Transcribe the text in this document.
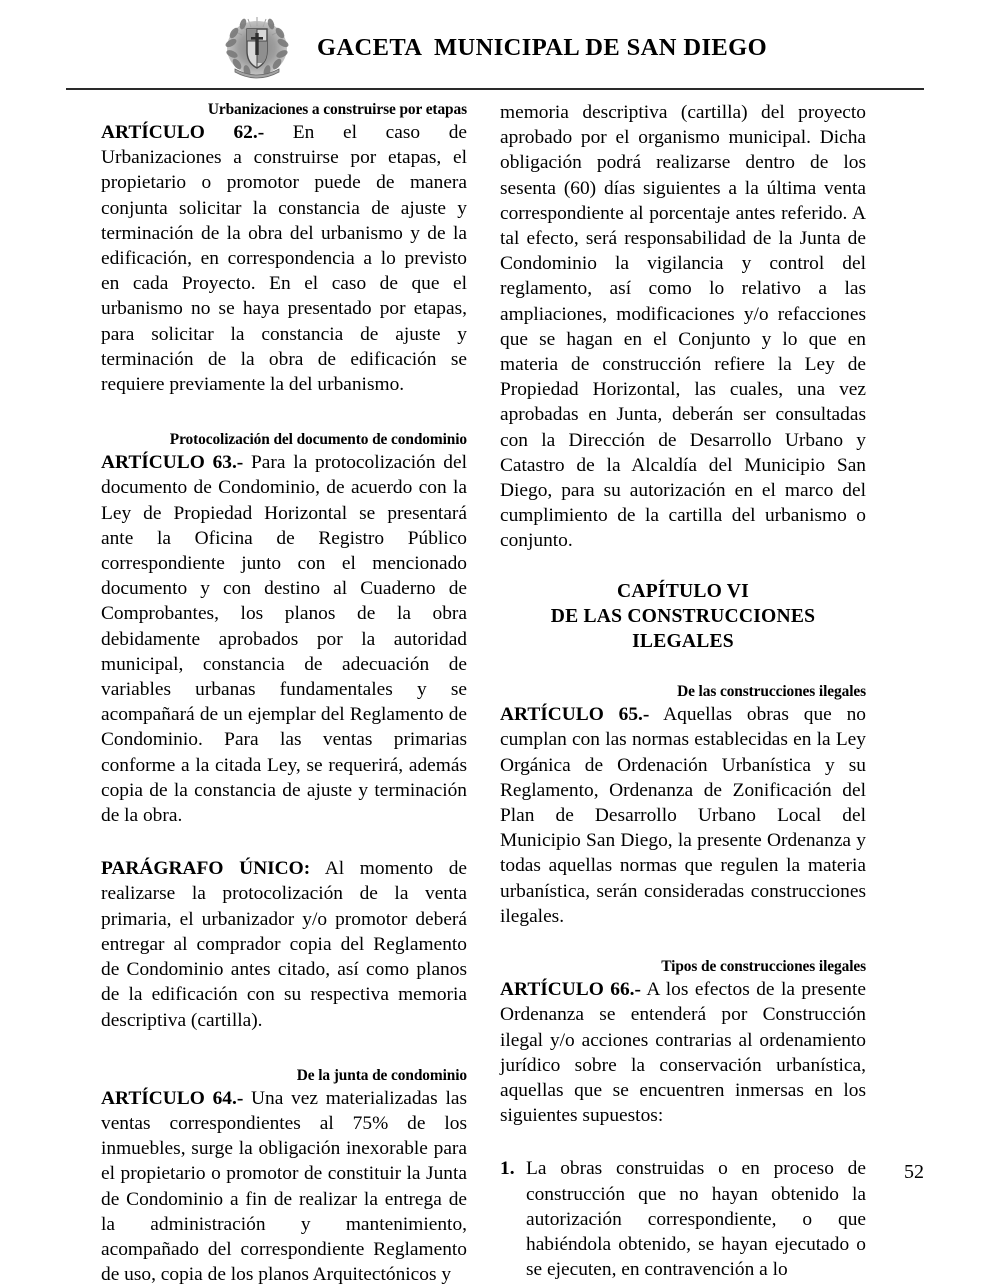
GACETA  MUNICIPAL DE SAN DIEGO
Urbanizaciones a construirse por etapas

ARTÍCULO 62.- En el caso de Urbanizaciones a construirse por etapas, el propietario o promotor puede de manera conjunta solicitar la constancia de ajuste y terminación de la obra del urbanismo y de la edificación, en correspondencia a lo previsto en cada Proyecto. En el caso de que el urbanismo no se haya presentado por etapas, para solicitar la constancia de ajuste y terminación de la obra de edificación se requiere previamente la del urbanismo.

Protocolización del documento de condominio

ARTÍCULO 63.- Para la protocolización del documento de Condominio, de acuerdo con la Ley de Propiedad Horizontal se presentará ante la Oficina de Registro Público correspondiente junto con el mencionado documento y con destino al Cuaderno de Comprobantes, los planos de la obra debidamente aprobados por la autoridad municipal, constancia de adecuación de variables urbanas fundamentales y se acompañará de un ejemplar del Reglamento de Condominio. Para las ventas primarias conforme a la citada Ley, se requerirá, además copia de la constancia de ajuste y terminación de la obra.

PARÁGRAFO ÚNICO: Al momento de realizarse la protocolización de la venta primaria, el urbanizador y/o promotor deberá entregar al comprador copia del Reglamento de Condominio antes citado, así como planos de la edificación con su respectiva memoria descriptiva (cartilla).

De la junta de condominio

ARTÍCULO 64.- Una vez materializadas las ventas correspondientes al 75% de los inmuebles, surge la obligación inexorable para el propietario o promotor de constituir la Junta de Condominio a fin de realizar la entrega de la administración y mantenimiento, acompañado del correspondiente Reglamento de uso, copia de los planos Arquitectónicos y

memoria descriptiva (cartilla) del proyecto aprobado por el organismo municipal. Dicha obligación podrá realizarse dentro de los sesenta (60) días siguientes a la última venta correspondiente al porcentaje antes referido. A tal efecto, será responsabilidad de la Junta de Condominio la vigilancia y control del reglamento, así como lo relativo a las ampliaciones, modificaciones y/o refacciones que se hagan en el Conjunto y lo que en materia de construcción refiere la Ley de Propiedad Horizontal, las cuales, una vez aprobadas en Junta, deberán ser consultadas con la Dirección de Desarrollo Urbano y Catastro de la Alcaldía del Municipio San Diego, para su autorización en el marco del cumplimiento de la cartilla del urbanismo o conjunto.

CAPÍTULO VI

DE LAS CONSTRUCCIONES

ILEGALES

De las construcciones ilegales

ARTÍCULO 65.- Aquellas obras que no cumplan con las normas establecidas en la Ley Orgánica de Ordenación Urbanística y su Reglamento, Ordenanza de Zonificación del Plan de Desarrollo Urbano Local del Municipio San Diego, la presente Ordenanza y todas aquellas normas que regulen la materia urbanística, serán consideradas construcciones ilegales.

Tipos de construcciones ilegales

ARTÍCULO 66.- A los efectos de la presente Ordenanza se entenderá por Construcción ilegal y/o acciones contrarias al ordenamiento jurídico sobre la conservación urbanística, aquellas que se encuentren inmersas en los siguientes supuestos:

1. La obras construidas o en proceso de construcción que no hayan obtenido la autorización correspondiente, o que habiéndola obtenido, se hayan ejecutado o se ejecuten, en contravención a lo
52
